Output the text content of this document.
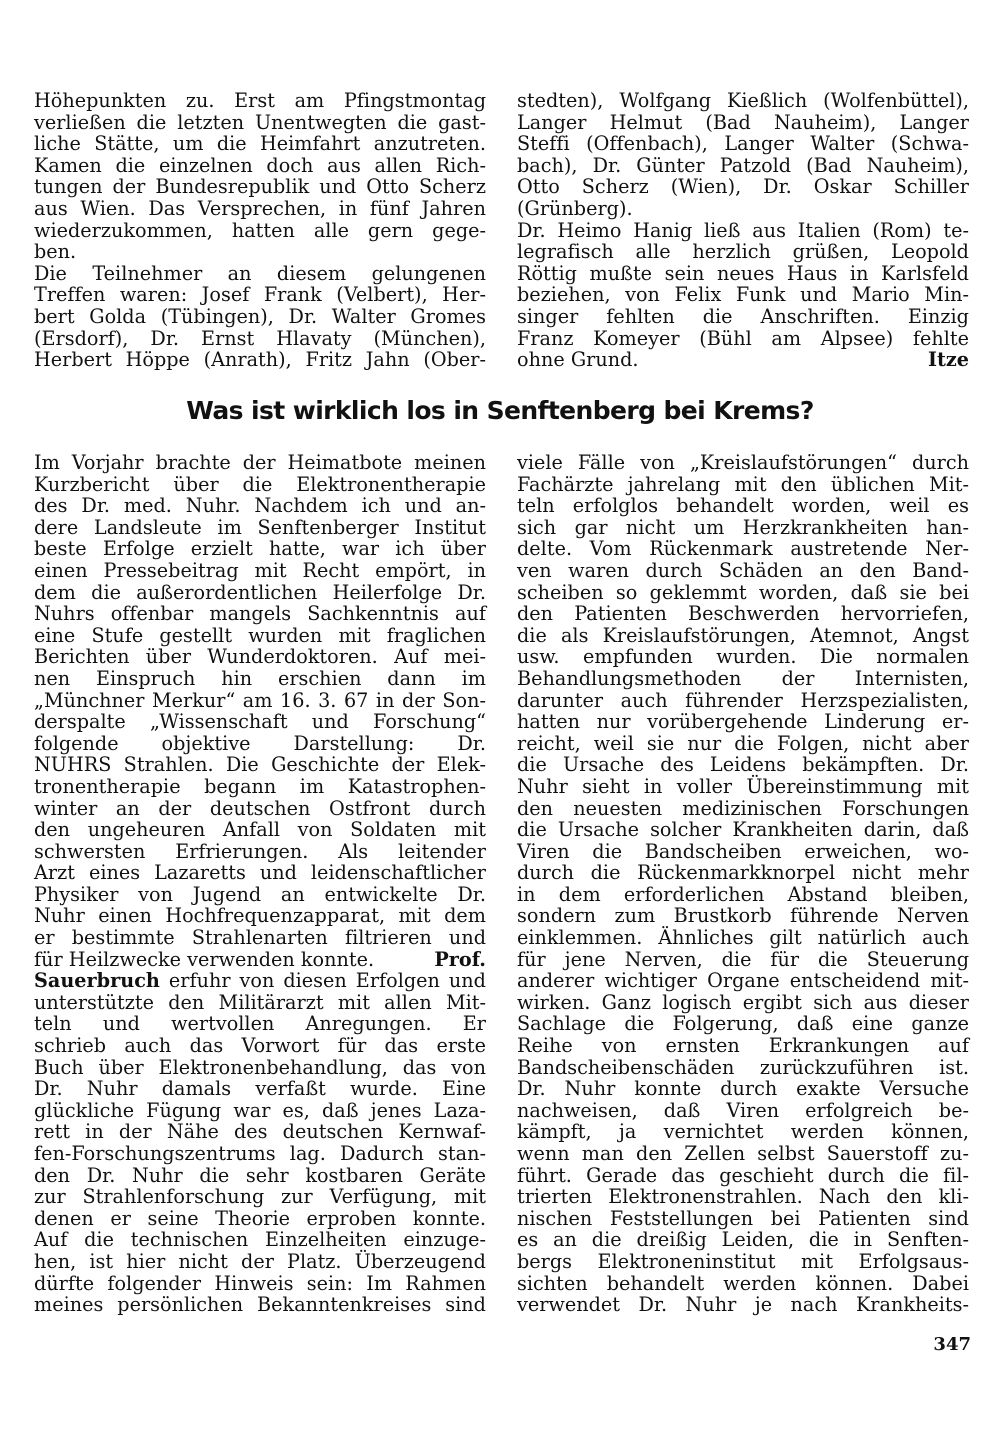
Höhepunkten zu. Erst am Pfingstmontag
verließen die letzten Unentwegten die gast-
liche Stätte, um die Heimfahrt anzutreten.
Kamen die einzelnen doch aus allen Rich-
tungen der Bundesrepublik und Otto Scherz
aus Wien. Das Versprechen, in fünf Jahren
wiederzukommen, hatten alle gern gege-
ben.
Die Teilnehmer an diesem gelungenen
Treffen waren: Josef Frank (Velbert), Her-
bert Golda (Tübingen), Dr. Walter Gromes
(Ersdorf), Dr. Ernst Hlavaty (München),
Herbert Höppe (Anrath), Fritz Jahn (Ober-
stedten), Wolfgang Kießlich (Wolfenbüttel),
Langer Helmut (Bad Nauheim), Langer
Steffi (Offenbach), Langer Walter (Schwa-
bach), Dr. Günter Patzold (Bad Nauheim),
Otto Scherz (Wien), Dr. Oskar Schiller
(Grünberg).
Dr. Heimo Hanig ließ aus Italien (Rom) te-
legrafisch alle herzlich grüßen, Leopold
Röttig mußte sein neues Haus in Karlsfeld
beziehen, von Felix Funk und Mario Min-
singer fehlten die Anschriften. Einzig
Franz Komeyer (Bühl am Alpsee) fehlte
ohne Grund.	Itze
Was ist wirklich los in Senftenberg bei Krems?
Im Vorjahr brachte der Heimatbote meinen
Kurzbericht über die Elektronentherapie
des Dr. med. Nuhr. Nachdem ich und an-
dere Landsleute im Senftenberger Institut
beste Erfolge erzielt hatte, war ich über
einen Pressebeitrag mit Recht empört, in
dem die außerordentlichen Heilerfolge Dr.
Nuhrs offenbar mangels Sachkenntnis auf
eine Stufe gestellt wurden mit fraglichen
Berichten über Wunderdoktoren. Auf mei-
nen Einspruch hin erschien dann im
„Münchner Merkur“ am 16. 3. 67 in der Son-
derspalte „Wissenschaft und Forschung“
folgende objektive Darstellung: Dr.
NUHRS Strahlen. Die Geschichte der Elek-
tronentherapie begann im Katastrophen-
winter an der deutschen Ostfront durch
den ungeheuren Anfall von Soldaten mit
schwersten Erfrierungen. Als leitender
Arzt eines Lazaretts und leidenschaftlicher
Physiker von Jugend an entwickelte Dr.
Nuhr einen Hochfrequenzapparat, mit dem
er bestimmte Strahlenarten filtrieren und
für Heilzwecke verwenden konnte.	Prof.
Sauerbruch erfuhr von diesen Erfolgen und
unterstützte den Militärarzt mit allen Mit-
teln und wertvollen Anregungen. Er
schrieb auch das Vorwort für das erste
Buch über Elektronenbehandlung, das von
Dr. Nuhr damals verfaßt wurde. Eine
glückliche Fügung war es, daß jenes Laza-
rett in der Nähe des deutschen Kernwaf-
fen-Forschungszentrums lag. Dadurch stan-
den Dr. Nuhr die sehr kostbaren Geräte
zur Strahlenforschung zur Verfügung, mit
denen er seine Theorie erproben konnte.
Auf die technischen Einzelheiten einzuge-
hen, ist hier nicht der Platz. Überzeugend
dürfte folgender Hinweis sein: Im Rahmen
meines persönlichen Bekanntenkreises sind
viele Fälle von „Kreislaufstörungen“ durch
Fachärzte jahrelang mit den üblichen Mit-
teln erfolglos behandelt worden, weil es
sich gar nicht um Herzkrankheiten han-
delte. Vom Rückenmark austretende Ner-
ven waren durch Schäden an den Band-
scheiben so geklemmt worden, daß sie bei
den Patienten Beschwerden hervorriefen,
die als Kreislaufstörungen, Atemnot, Angst
usw. empfunden wurden. Die normalen
Behandlungsmethoden der Internisten,
darunter auch führender Herzspezialisten,
hatten nur vorübergehende Linderung er-
reicht, weil sie nur die Folgen, nicht aber
die Ursache des Leidens bekämpften. Dr.
Nuhr sieht in voller Übereinstimmung mit
den neuesten medizinischen Forschungen
die Ursache solcher Krankheiten darin, daß
Viren die Bandscheiben erweichen, wo-
durch die Rückenmarkknorpel nicht mehr
in dem erforderlichen Abstand bleiben,
sondern zum Brustkorb führende Nerven
einklemmen. Ähnliches gilt natürlich auch
für jene Nerven, die für die Steuerung
anderer wichtiger Organe entscheidend mit-
wirken. Ganz logisch ergibt sich aus dieser
Sachlage die Folgerung, daß eine ganze
Reihe von ernsten Erkrankungen auf
Bandscheibenschäden zurückzuführen ist.
Dr. Nuhr konnte durch exakte Versuche
nachweisen, daß Viren erfolgreich be-
kämpft, ja vernichtet werden können,
wenn man den Zellen selbst Sauerstoff zu-
führt. Gerade das geschieht durch die fil-
trierten Elektronenstrahlen. Nach den kli-
nischen Feststellungen bei Patienten sind
es an die dreißig Leiden, die in Senften-
bergs Elektroneninstitut mit Erfolgsaus-
sichten behandelt werden können. Dabei
verwendet Dr. Nuhr je nach Krankheits-
347
